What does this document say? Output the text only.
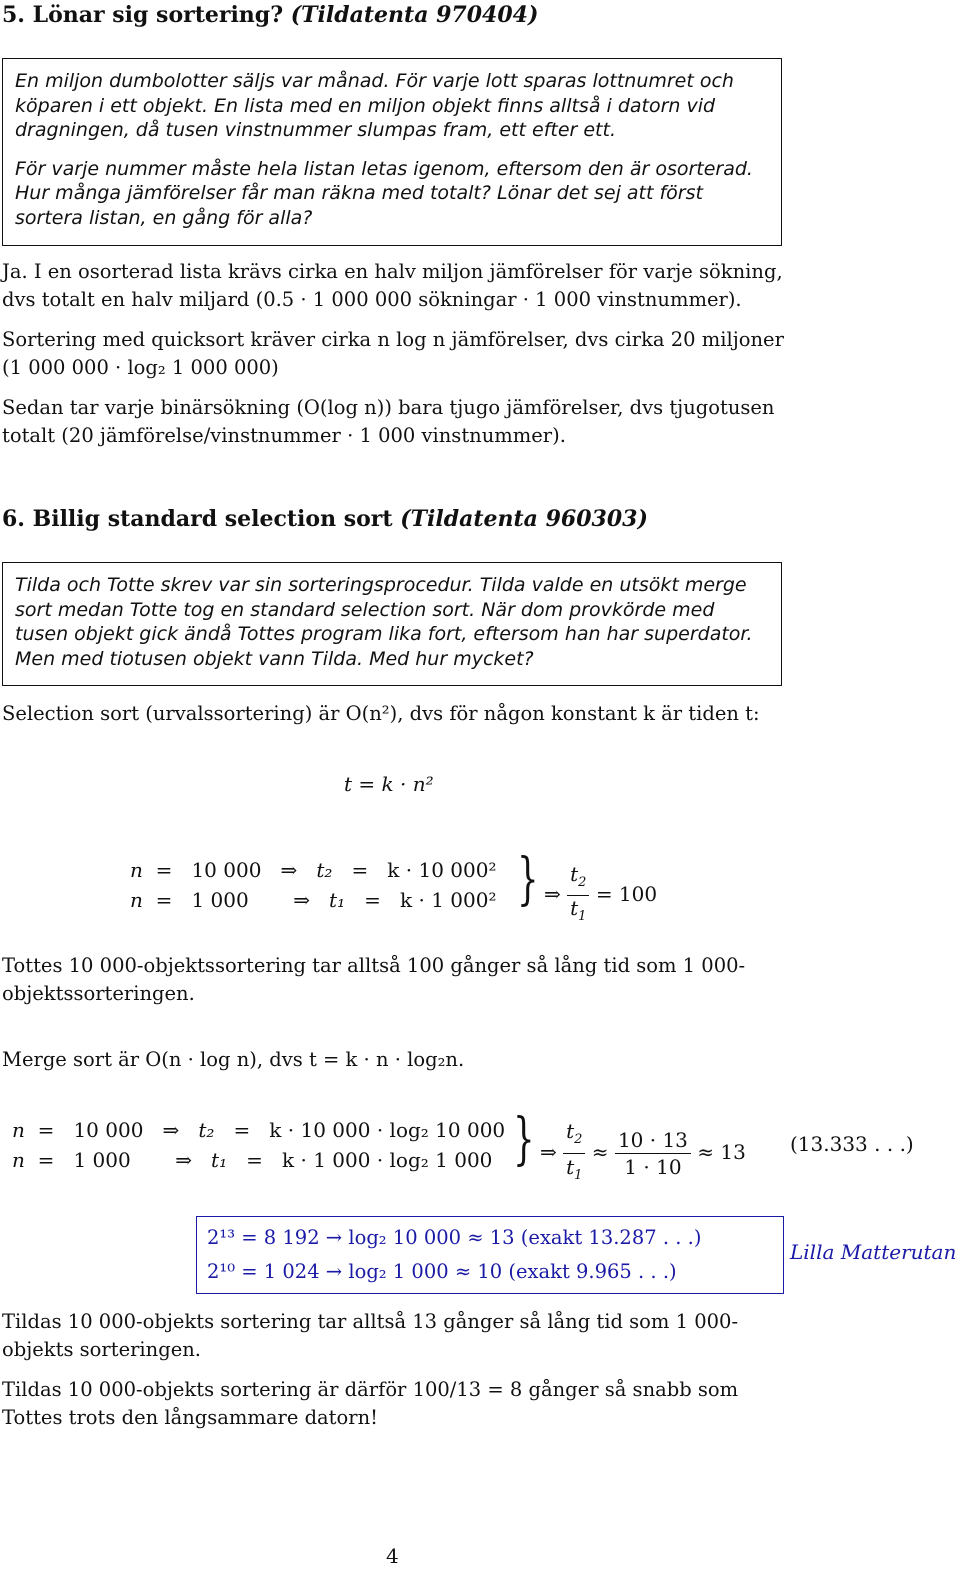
5. Lönar sig sortering? (Tildatenta 970404)

En miljon dumbolotter säljs var månad. För varje lott sparas lottnumret och köparen i ett objekt. En lista med en miljon objekt finns alltså i datorn vid dragningen, då tusen vinstnummer slumpas fram, ett efter ett.

För varje nummer måste hela listan letas igenom, eftersom den är osorterad. Hur många jämförelser får man räkna med totalt? Lönar det sej att först sortera listan, en gång för alla?

Ja. I en osorterad lista krävs cirka en halv miljon jämförelser för varje sökning, dvs totalt en halv miljard (0.5 · 1 000 000 sökningar · 1 000 vinstnummer).

Sortering med quicksort kräver cirka n log n jämförelser, dvs cirka 20 miljoner (1 000 000 · log₂ 1 000 000)

Sedan tar varje binärsökning (O(log n)) bara tjugo jämförelser, dvs tjugotusen totalt (20 jämförelse/vinstnummer · 1 000 vinstnummer).

6. Billig standard selection sort (Tildatenta 960303)

Tilda och Totte skrev var sin sorteringsprocedur. Tilda valde en utsökt merge sort medan Totte tog en standard selection sort. När dom provkörde med tusen objekt gick ändå Tottes program lika fort, eftersom han har superdator. Men med tiotusen objekt vann Tilda. Med hur mycket?

Selection sort (urvalssortering) är O(n²), dvs för någon konstant k är tiden t:
t = k · n²
n  =   10 000   ⇒   t₂   =   k · 10 000²
n  =   1 000       ⇒   t₁   =   k · 1 000² } ⇒ $\frac{t_2}{t_1} = 100$
Tottes 10 000-objektssortering tar alltså 100 gånger så lång tid som 1 000-objektssorteringen.
Merge sort är O(n · log n), dvs t = k · n · log₂n.
n  =   10 000   ⇒   t₂   =   k · 10 000 · log₂ 10 000
n  =   1 000       ⇒   t₁   =   k · 1 000 · log₂ 1 000 } ⇒ $\frac{t_2}{t_1} \approx \frac{10 \cdot 13}{1 \cdot 10} \approx 13$ (13.333 . . .)
2¹³ = 8 192 → log₂ 10 000 ≈ 13 (exakt 13.287 . . .)
2¹⁰ = 1 024 → log₂ 1 000 ≈ 10 (exakt 9.965 . . .)
Lilla Matterutan

Tildas 10 000-objekts sortering tar alltså 13 gånger så lång tid som 1 000-objekts sorteringen.

Tildas 10 000-objekts sortering är därför 100/13 = 8 gånger så snabb som Tottes trots den långsammare datorn!

4
